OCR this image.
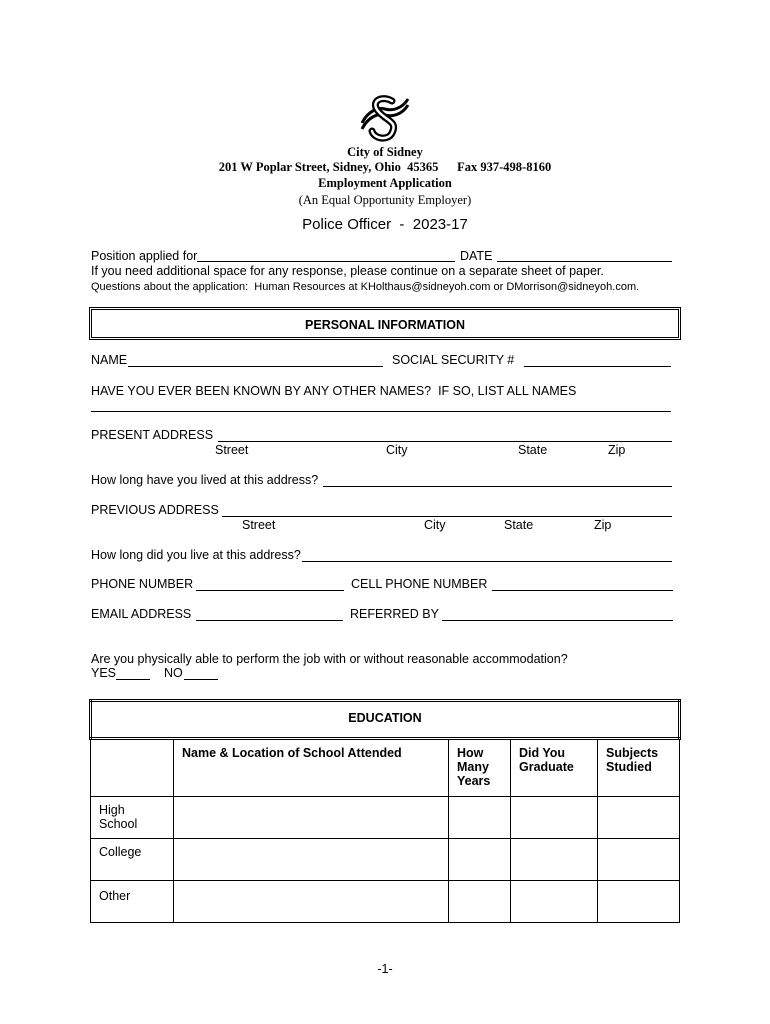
City of Sidney
201 W Poplar Street, Sidney, Ohio  45365      Fax 937-498-8160
Employment Application
(An Equal Opportunity Employer)
Police Officer  -  2023-17
Position applied for	DATE
If you need additional space for any response, please continue on a separate sheet of paper.
Questions about the application:  Human Resources at KHolthaus@sidneyoh.com or DMorrison@sidneyoh.com.
PERSONAL INFORMATION
NAME	SOCIAL SECURITY #
HAVE YOU EVER BEEN KNOWN BY ANY OTHER NAMES?  IF SO, LIST ALL NAMES
PRESENT ADDRESS
Street	City	State	Zip
How long have you lived at this address?
PREVIOUS ADDRESS
Street	City	State	Zip
How long did you live at this address?
PHONE NUMBER	CELL PHONE NUMBER
EMAIL ADDRESS	REFERRED BY
Are you physically able to perform the job with or without reasonable accommodation?
YES	NO
EDUCATION				
	Name & Location of School Attended	How Many Years	Did You Graduate	Subjects Studied
High School				
College				
Other				
-1-
